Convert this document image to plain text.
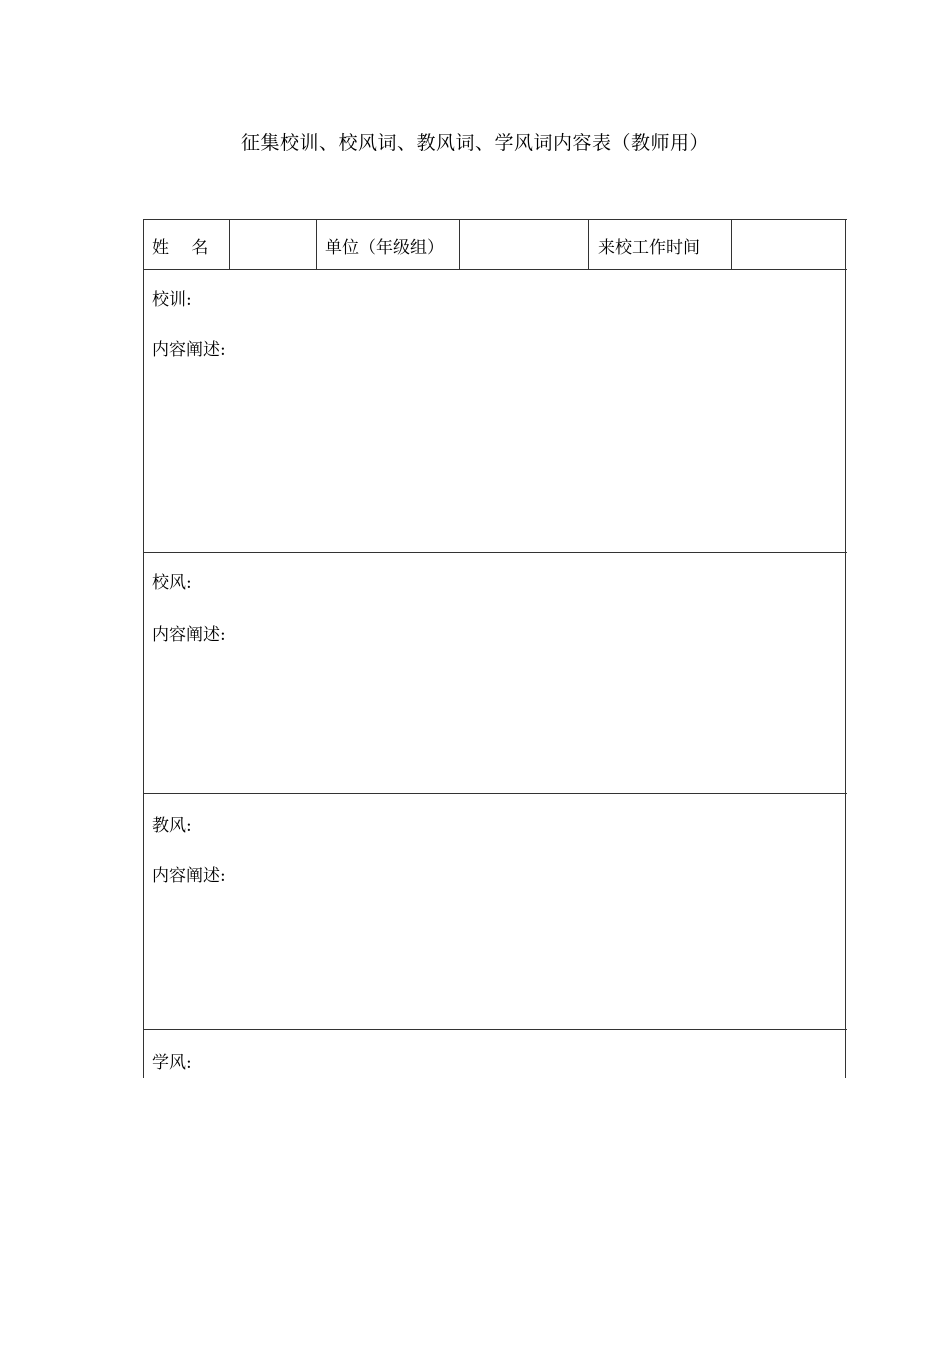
征集校训、校风词、教风词、学风词内容表（教师用）
姓　 名	单位（年级组）	来校工作时间
校训:
内容阐述:
校风:
内容阐述:
教风:
内容阐述:
学风:
